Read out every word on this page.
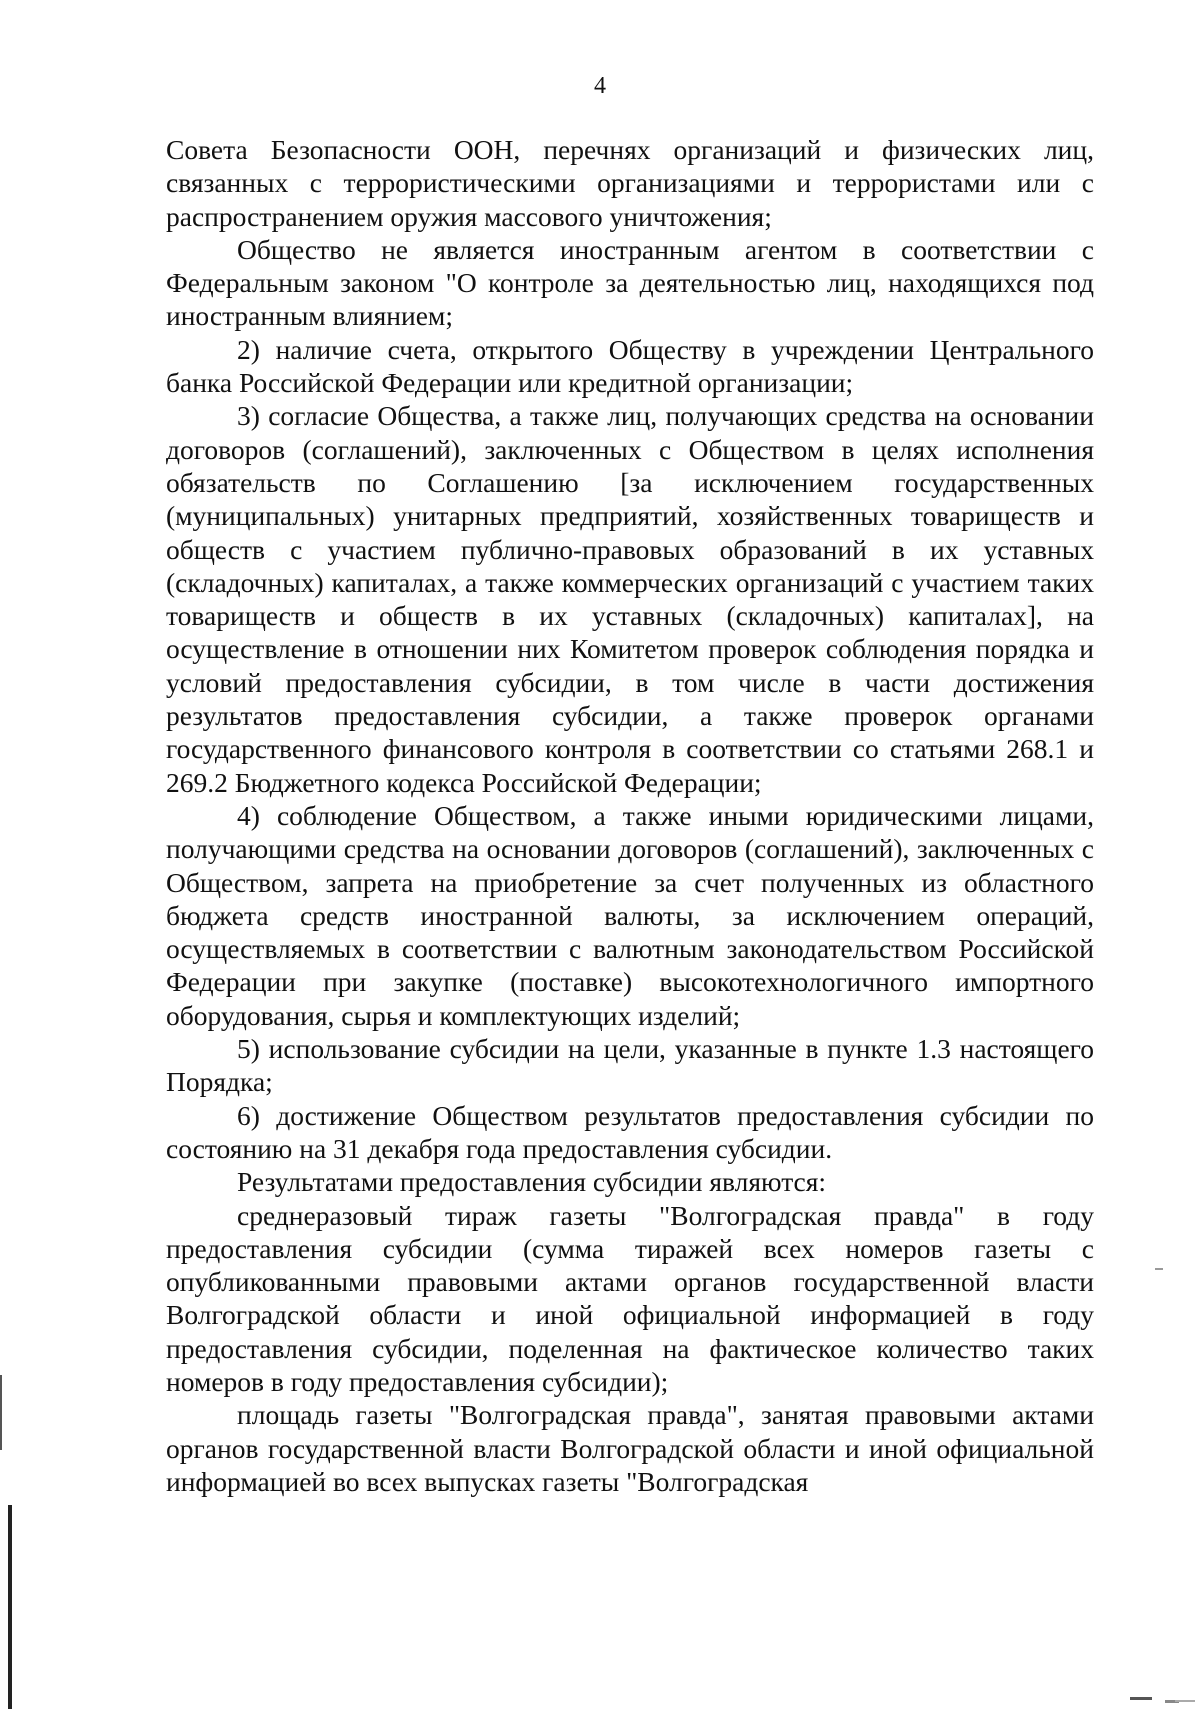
4

Совета Безопасности ООН, перечнях организаций и физических лиц, связанных с террористическими организациями и террористами или с распространением оружия массового уничтожения;

Общество не является иностранным агентом в соответствии с Федеральным законом "О контроле за деятельностью лиц, находящихся под иностранным влиянием;

2) наличие счета, открытого Обществу в учреждении Центрального банка Российской Федерации или кредитной организации;

3) согласие Общества, а также лиц, получающих средства на основании договоров (соглашений), заключенных с Обществом в целях исполнения обязательств по Соглашению [за исключением государственных (муниципальных) унитарных предприятий, хозяйственных товариществ и обществ с участием публично-правовых образований в их уставных (складочных) капиталах, а также коммерческих организаций с участием таких товариществ и обществ в их уставных (складочных) капиталах], на осуществление в отношении них Комитетом проверок соблюдения порядка и условий предоставления субсидии, в том числе в части достижения результатов предоставления субсидии, а также проверок органами государственного финансового контроля в соответствии со статьями 268.1 и 269.2 Бюджетного кодекса Российской Федерации;

4) соблюдение Обществом, а также иными юридическими лицами, получающими средства на основании договоров (соглашений), заключенных с Обществом, запрета на приобретение за счет полученных из областного бюджета средств иностранной валюты, за исключением операций, осуществляемых в соответствии с валютным законодательством Российской Федерации при закупке (поставке) высокотехнологичного импортного оборудования, сырья и комплектующих изделий;

5) использование субсидии на цели, указанные в пункте 1.3 настоящего Порядка;

6) достижение Обществом результатов предоставления субсидии по состоянию на 31 декабря года предоставления субсидии.

Результатами предоставления субсидии являются:

среднеразовый тираж газеты "Волгоградская правда" в году предоставления субсидии (сумма тиражей всех номеров газеты с опубликованными правовыми актами органов государственной власти Волгоградской области и иной официальной информацией в году предоставления субсидии, поделенная на фактическое количество таких номеров в году предоставления субсидии);

площадь газеты "Волгоградская правда", занятая правовыми актами органов государственной власти Волгоградской области и иной официальной информацией во всех выпусках газеты "Волгоградская
